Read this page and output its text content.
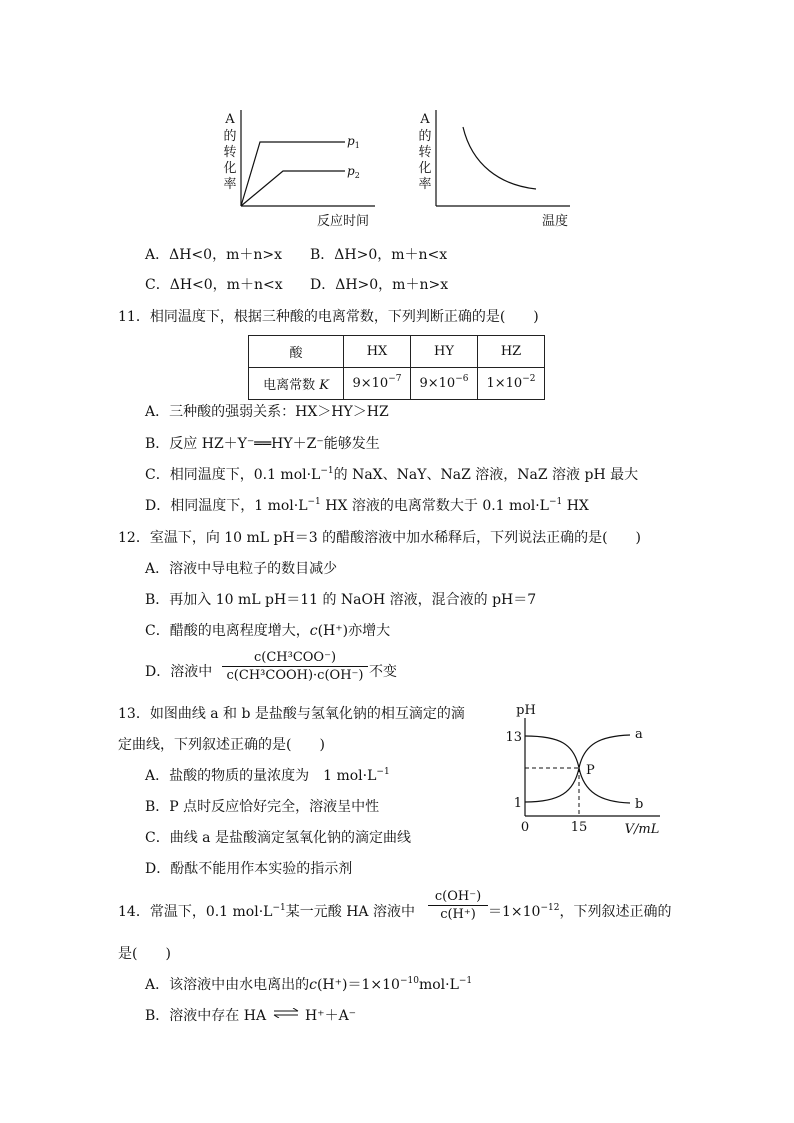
A
的
转
化
率
$p_1$
$p_2$
反应时间
A
的
转
化
率
温度
A．ΔH<0，m＋n>x B．ΔH>0，m＋n<x
C．ΔH<0，m＋n<x D．ΔH>0，m＋n>x
11．相同温度下，根据三种酸的电离常数，下列判断正确的是(　　)
酸	HX	HY	HZ
电离常数 K	$9\times 10^{-7}$	$9\times 10^{-6}$	$1\times 10^{-2}$
A．三种酸的强弱关系：HX＞HY＞HZ
B．反应 HZ＋Y⁻══HY＋Z⁻能够发生
C．相同温度下，0.1 $mol\cdot L^{-1}$的 NaX、NaY、NaZ 溶液，NaZ 溶液 pH 最大
D．相同温度下，1 $mol\cdot L^{-1}$ HX 溶液的电离常数大于 0.1 $mol\cdot L^{-1}$ HX
12．室温下，向 10 mL pH＝3 的醋酸溶液中加水稀释后，下列说法正确的是(　　)
A．溶液中导电粒子的数目减少
B．再加入 10 mL pH＝11 的 NaOH 溶液，混合液的 pH＝7
C．醋酸的电离程度增大，c(H⁺)亦增大
D．溶液中
c(CH³COO⁻)
c(CH³COOH)·c(OH⁻) 不变
13．如图曲线 a 和 b 是盐酸与氢氧化钠的相互滴定的滴
定曲线，下列叙述正确的是(　　)
A．盐酸的物质的量浓度为　1 $mol\cdot L^{-1}$
B．P 点时反应恰好完全，溶液呈中性
C．曲线 a 是盐酸滴定氢氧化钠的滴定曲线
D．酚酞不能用作本实验的指示剂
pH
13
1
0	15	V/mL
P
a
b
14．常温下，0.1 $mol\cdot L^{-1}$某一元酸 HA 溶液中 $\frac{c(OH^-)}{c(H^+)} =1\times 10^{-12}$，下列叙述正确的
是(　　)
A．该溶液中由水电离出的$c(H^+)=1\times 10^{-10}mol\cdot L^{-1}$
B．溶液中存在 HA ⇌ H⁺＋A⁻
